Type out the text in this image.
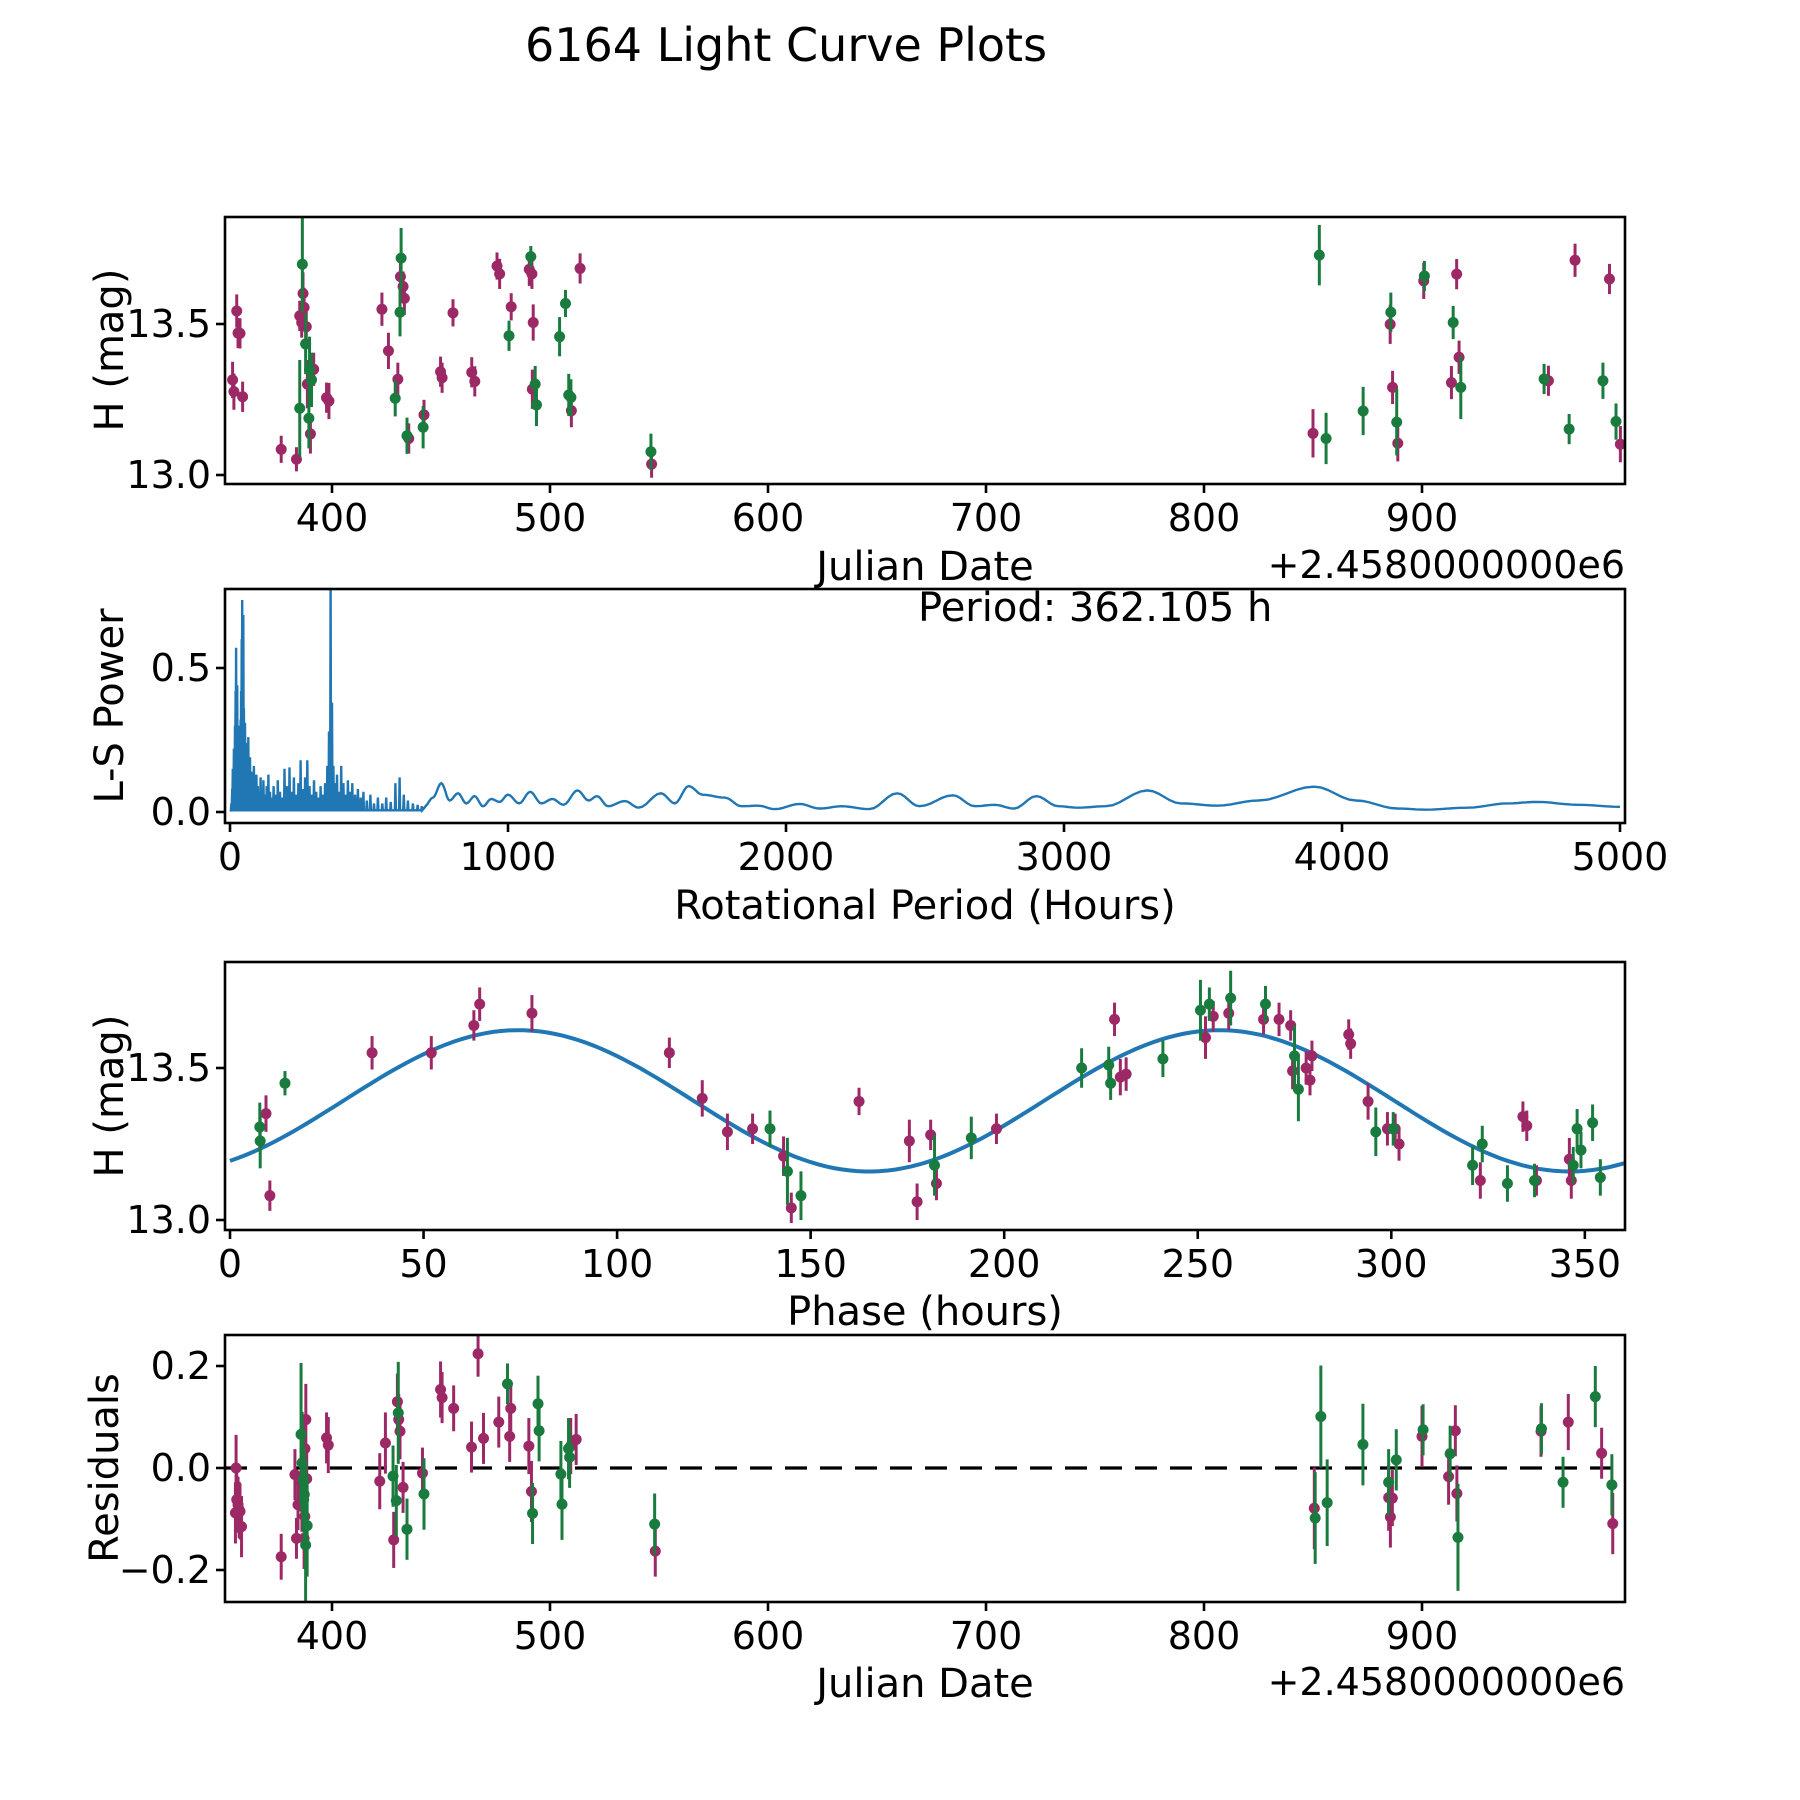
6164 Light Curve Plots
H (mag)
Julian Date	+2.4580000000e6
L-S Power
Rotational Period (Hours)
Period: 362.105 h
H (mag)
Phase (hours)
Residuals
Julian Date	+2.4580000000e6
400	500	600	700	800	900
13.0
13.5
0	1000	2000	3000	4000	5000
0.0
0.5
0	50	100	150	200	250	300	350
13.0
13.5
400	500	600	700	800	900
−0.2
0.0
0.2
